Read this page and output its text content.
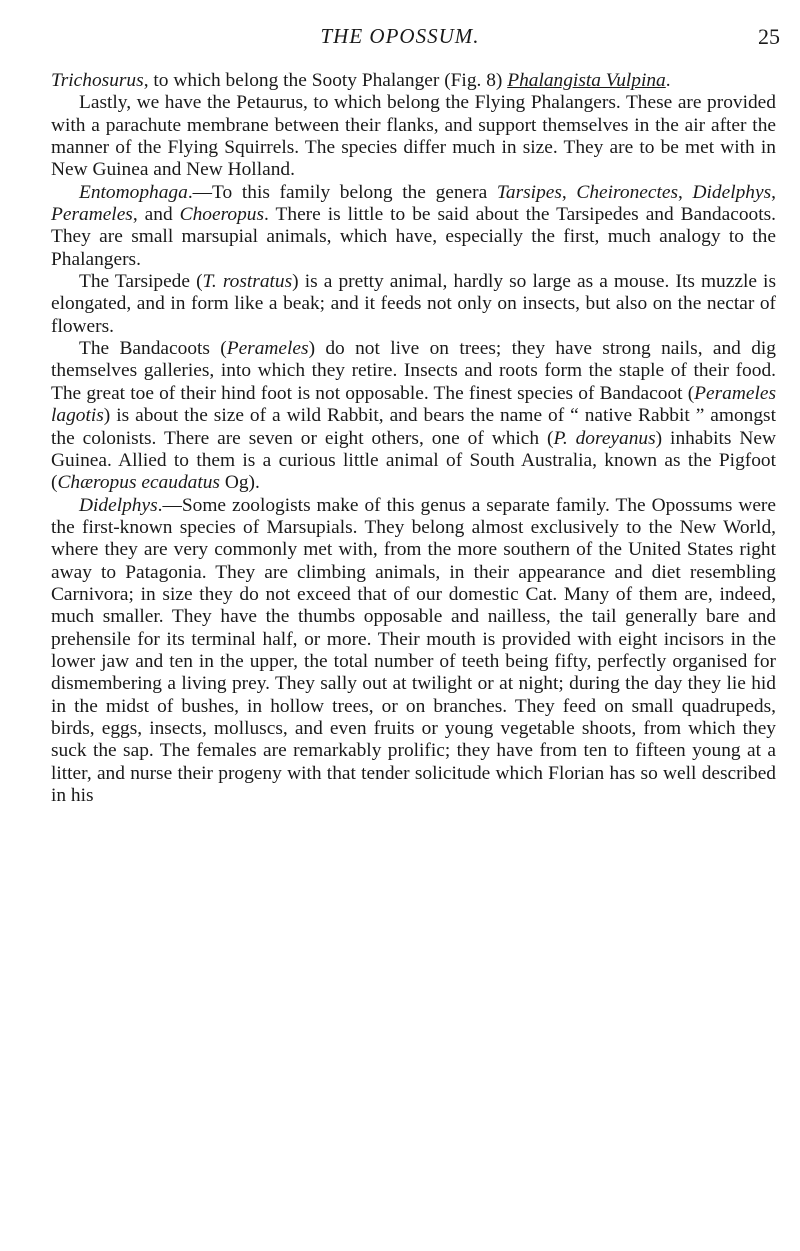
THE OPOSSUM.	25

Trichosurus, to which belong the Sooty Phalanger (Fig. 8) Phalangista Vulpina.

Lastly, we have the Petaurus, to which belong the Flying Phalangers. These are provided with a parachute membrane between their flanks, and support themselves in the air after the manner of the Flying Squirrels. The species differ much in size. They are to be met with in New Guinea and New Holland.

Entomophaga.—To this family belong the genera Tarsipes, Cheironectes, Didelphys, Perameles, and Choeropus. There is little to be said about the Tarsipedes and Bandacoots. They are small marsupial animals, which have, especially the first, much analogy to the Phalangers.

The Tarsipede (T. rostratus) is a pretty animal, hardly so large as a mouse. Its muzzle is elongated, and in form like a beak; and it feeds not only on insects, but also on the nectar of flowers.

The Bandacoots (Perameles) do not live on trees; they have strong nails, and dig themselves galleries, into which they retire. Insects and roots form the staple of their food. The great toe of their hind foot is not opposable. The finest species of Bandacoot (Perameles lagotis) is about the size of a wild Rabbit, and bears the name of “ native Rabbit ” amongst the colonists. There are seven or eight others, one of which (P. doreyanus) inhabits New Guinea. Allied to them is a curious little animal of South Australia, known as the Pigfoot (Chæropus ecaudatus Og).

Didelphys.—Some zoologists make of this genus a separate family. The Opossums were the first-known species of Marsupials. They belong almost exclusively to the New World, where they are very commonly met with, from the more southern of the United States right away to Patagonia. They are climbing animals, in their appearance and diet resembling Carnivora; in size they do not exceed that of our domestic Cat. Many of them are, indeed, much smaller. They have the thumbs opposable and nailless, the tail generally bare and prehensile for its terminal half, or more. Their mouth is provided with eight incisors in the lower jaw and ten in the upper, the total number of teeth being fifty, perfectly organised for dismembering a living prey. They sally out at twilight or at night; during the day they lie hid in the midst of bushes, in hollow trees, or on branches. They feed on small quadrupeds, birds, eggs, insects, molluscs, and even fruits or young vegetable shoots, from which they suck the sap. The females are remarkably prolific; they have from ten to fifteen young at a litter, and nurse their progeny with that tender solicitude which Florian has so well described in his
